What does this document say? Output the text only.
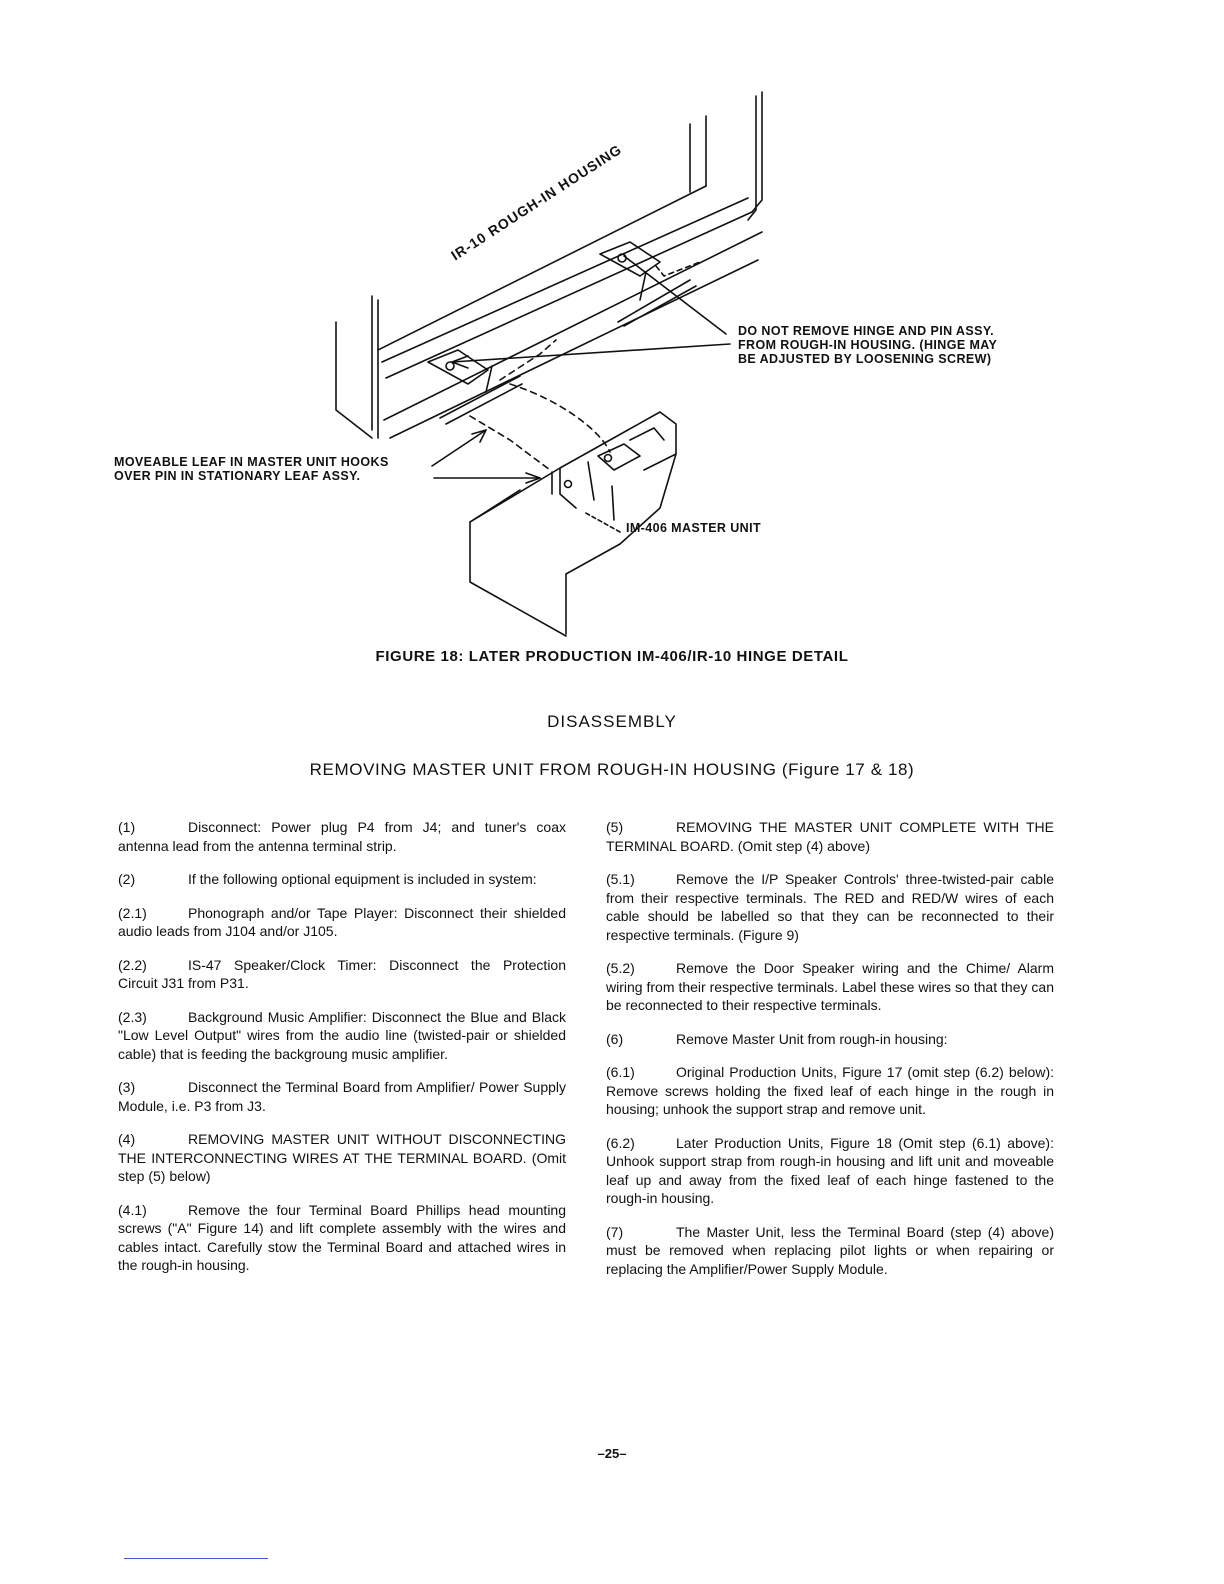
IR-10 ROUGH-IN HOUSING
DO NOT REMOVE HINGE AND PIN ASSY.
FROM ROUGH-IN HOUSING. (HINGE MAY
BE ADJUSTED BY LOOSENING SCREW)
MOVEABLE LEAF IN MASTER UNIT HOOKS
OVER PIN IN STATIONARY LEAF ASSY.
IM-406 MASTER UNIT
FIGURE 18: LATER PRODUCTION IM-406/IR-10 HINGE DETAIL
DISASSEMBLY
REMOVING MASTER UNIT FROM ROUGH-IN HOUSING (Figure 17 & 18)

(1)	Disconnect: Power plug P4 from J4; and tuner's coax antenna lead from the antenna terminal strip.

(2)	If the following optional equipment is included in system:

(2.1)	Phonograph and/or Tape Player: Disconnect their shielded audio leads from J104 and/or J105.

(2.2)	IS-47 Speaker/Clock Timer: Disconnect the Protection Circuit J31 from P31.

(2.3)	Background Music Amplifier: Disconnect the Blue and Black "Low Level Output" wires from the audio line (twisted-pair or shielded cable) that is feeding the backgroung music amplifier.

(3)	Disconnect the Terminal Board from Amplifier/ Power Supply Module, i.e. P3 from J3.

(4)	REMOVING MASTER UNIT WITHOUT DISCONNECTING THE INTERCONNECTING WIRES AT THE TERMINAL BOARD. (Omit step (5) below)

(4.1)	Remove the four Terminal Board Phillips head mounting screws ("A" Figure 14) and lift complete assembly with the wires and cables intact. Carefully stow the Terminal Board and attached wires in the rough-in housing.

(5)	REMOVING THE MASTER UNIT COMPLETE WITH THE TERMINAL BOARD. (Omit step (4) above)

(5.1)	Remove the I/P Speaker Controls' three-twisted-pair cable from their respective terminals. The RED and RED/W wires of each cable should be labelled so that they can be reconnected to their respective terminals. (Figure 9)

(5.2)	Remove the Door Speaker wiring and the Chime/ Alarm wiring from their respective terminals. Label these wires so that they can be reconnected to their respective terminals.

(6)	Remove Master Unit from rough-in housing:

(6.1)	Original Production Units, Figure 17 (omit step (6.2) below): Remove screws holding the fixed leaf of each hinge in the rough in housing; unhook the support strap and remove unit.

(6.2)	Later Production Units, Figure 18 (Omit step (6.1) above): Unhook support strap from rough-in housing and lift unit and moveable leaf up and away from the fixed leaf of each hinge fastened to the rough-in housing.

(7)	The Master Unit, less the Terminal Board (step (4) above) must be removed when replacing pilot lights or when repairing or replacing the Amplifier/Power Supply Module.

–25–
